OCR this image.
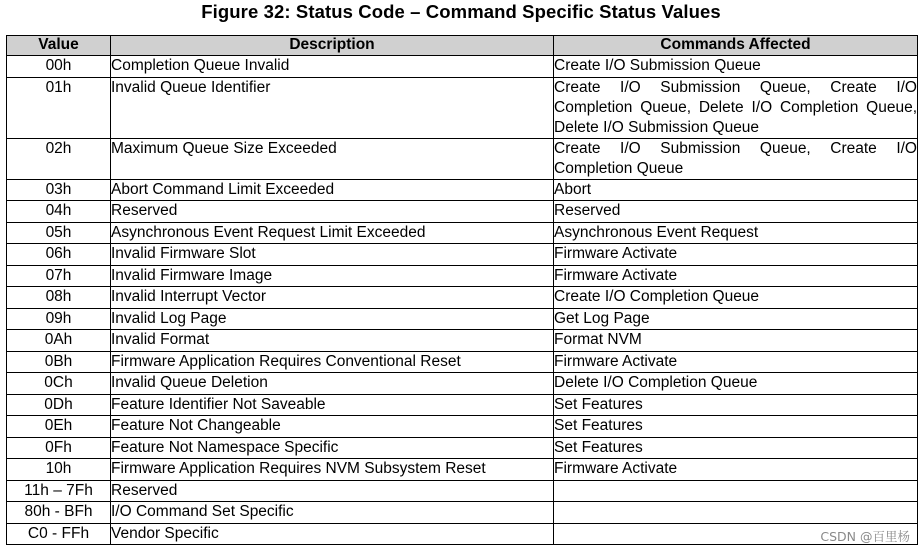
Figure 32: Status Code – Command Specific Status Values
Value	Description	Commands Affected
00h	Completion Queue Invalid	Create I/O Submission Queue
01h	Invalid Queue Identifier	Create I/O Submission Queue, Create I/O Completion Queue, Delete I/O Completion Queue, Delete I/O Submission Queue
02h	Maximum Queue Size Exceeded	Create I/O Submission Queue, Create I/O Completion Queue
03h	Abort Command Limit Exceeded	Abort
04h	Reserved	Reserved
05h	Asynchronous Event Request Limit Exceeded	Asynchronous Event Request
06h	Invalid Firmware Slot	Firmware Activate
07h	Invalid Firmware Image	Firmware Activate
08h	Invalid Interrupt Vector	Create I/O Completion Queue
09h	Invalid Log Page	Get Log Page
0Ah	Invalid Format	Format NVM
0Bh	Firmware Application Requires Conventional Reset	Firmware Activate
0Ch	Invalid Queue Deletion	Delete I/O Completion Queue
0Dh	Feature Identifier Not Saveable	Set Features
0Eh	Feature Not Changeable	Set Features
0Fh	Feature Not Namespace Specific	Set Features
10h	Firmware Application Requires NVM Subsystem Reset	Firmware Activate
11h – 7Fh	Reserved	
80h - BFh	I/O Command Set Specific	
C0 - FFh	Vendor Specific		CSDN @百里杨
